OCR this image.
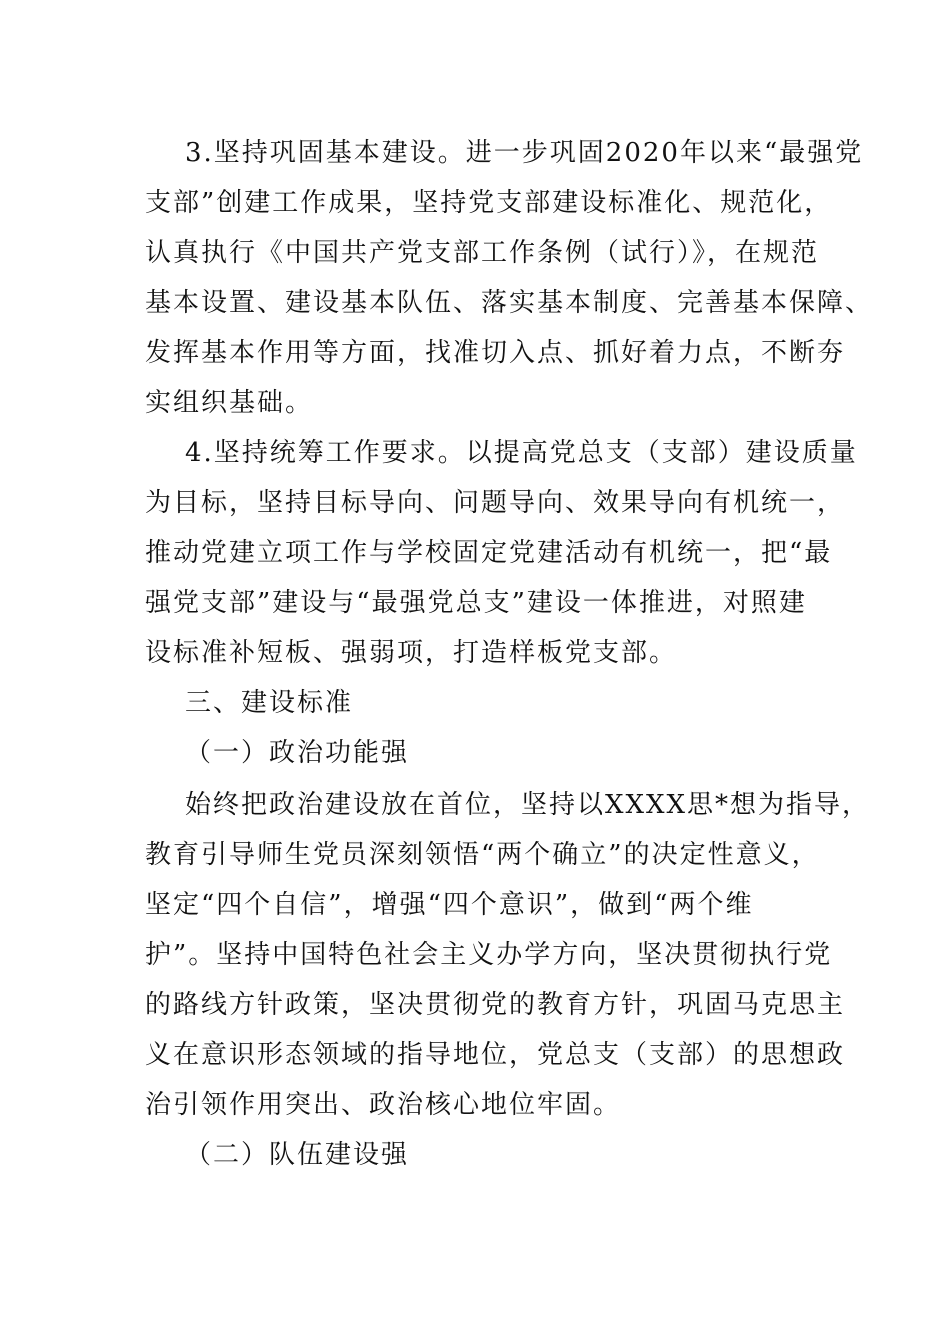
3.坚持巩固基本建设。进一步巩固2020年以来“最强党
支部”创建工作成果，坚持党支部建设标准化、规范化，
认真执行《中国共产党支部工作条例（试行）》，在规范
基本设置、建设基本队伍、落实基本制度、完善基本保障、
发挥基本作用等方面，找准切入点、抓好着力点，不断夯
实组织基础。
4.坚持统筹工作要求。以提高党总支（支部）建设质量
为目标，坚持目标导向、问题导向、效果导向有机统一，
推动党建立项工作与学校固定党建活动有机统一，把“最
强党支部”建设与“最强党总支”建设一体推进，对照建
设标准补短板、强弱项，打造样板党支部。
三、建设标准
（一）政治功能强
始终把政治建设放在首位，坚持以XXXX思*想为指导，
教育引导师生党员深刻领悟“两个确立”的决定性意义，
坚定“四个自信”，增强“四个意识”，做到“两个维
护”。坚持中国特色社会主义办学方向，坚决贯彻执行党
的路线方针政策，坚决贯彻党的教育方针，巩固马克思主
义在意识形态领域的指导地位，党总支（支部）的思想政
治引领作用突出、政治核心地位牢固。
（二）队伍建设强
